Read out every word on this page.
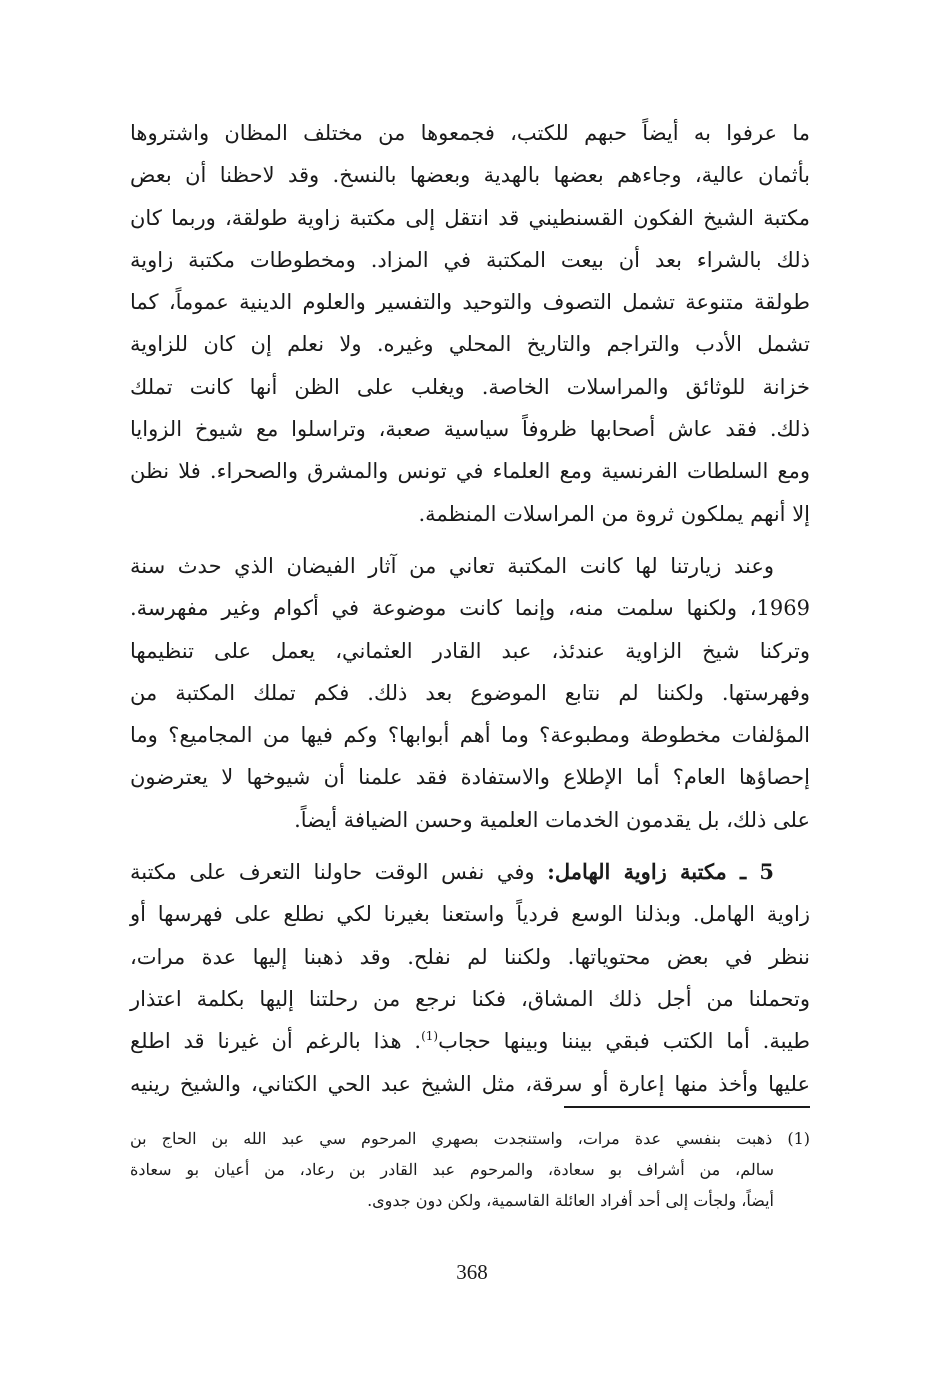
ما عرفوا به أيضاً حبهم للكتب، فجمعوها من مختلف المظان واشتروها
بأثمان عالية، وجاءهم بعضها بالهدية وبعضها بالنسخ. وقد لاحظنا أن بعض
مكتبة الشيخ الفكون القسنطيني قد انتقل إلى مكتبة زاوية طولقة، وربما كان
ذلك بالشراء بعد أن بيعت المكتبة في المزاد. ومخطوطات مكتبة زاوية
طولقة متنوعة تشمل التصوف والتوحيد والتفسير والعلوم الدينية عموماً، كما
تشمل الأدب والتراجم والتاريخ المحلي وغيره. ولا نعلم إن كان للزاوية
خزانة للوثائق والمراسلات الخاصة. ويغلب على الظن أنها كانت تملك
ذلك. فقد عاش أصحابها ظروفاً سياسية صعبة، وتراسلوا مع شيوخ الزوايا
ومع السلطات الفرنسية ومع العلماء في تونس والمشرق والصحراء. فلا نظن
إلا أنهم يملكون ثروة من المراسلات المنظمة.
وعند زيارتنا لها كانت المكتبة تعاني من آثار الفيضان الذي حدث سنة
1969، ولكنها سلمت منه، وإنما كانت موضوعة في أكوام وغير مفهرسة.
وتركنا شيخ الزاوية عندئذ، عبد القادر العثماني، يعمل على تنظيمها
وفهرستها. ولكننا لم نتابع الموضوع بعد ذلك. فكم تملك المكتبة من
المؤلفات مخطوطة ومطبوعة؟ وما أهم أبوابها؟ وكم فيها من المجاميع؟ وما
إحصاؤها العام؟ أما الإطلاع والاستفادة فقد علمنا أن شيوخها لا يعترضون
على ذلك، بل يقدمون الخدمات العلمية وحسن الضيافة أيضاً.
5 ـ مكتبة زاوية الهامل: وفي نفس الوقت حاولنا التعرف على مكتبة
زاوية الهامل. وبذلنا الوسع فردياً واستعنا بغيرنا لكي نطلع على فهرسها أو
ننظر في بعض محتوياتها. ولكننا لم نفلح. وقد ذهبنا إليها عدة مرات،
وتحملنا من أجل ذلك المشاق، فكنا نرجع من رحلتنا إليها بكلمة اعتذار
طيبة. أما الكتب فبقي بيننا وبينها حجاب$^{(1)}$. هذا بالرغم أن غيرنا قد اطلع
عليها وأخذ منها إعارة أو سرقة، مثل الشيخ عبد الحي الكتاني، والشيخ رينيه
(1) ذهبت بنفسي عدة مرات، واستنجدت بصهري المرحوم سي عبد الله بن الحاج بن
سالم، من أشراف بو سعادة، والمرحوم عبد القادر بن رعاد، من أعيان بو سعادة
أيضاً، ولجأت إلى أحد أفراد العائلة القاسمية، ولكن دون جدوى.
368
